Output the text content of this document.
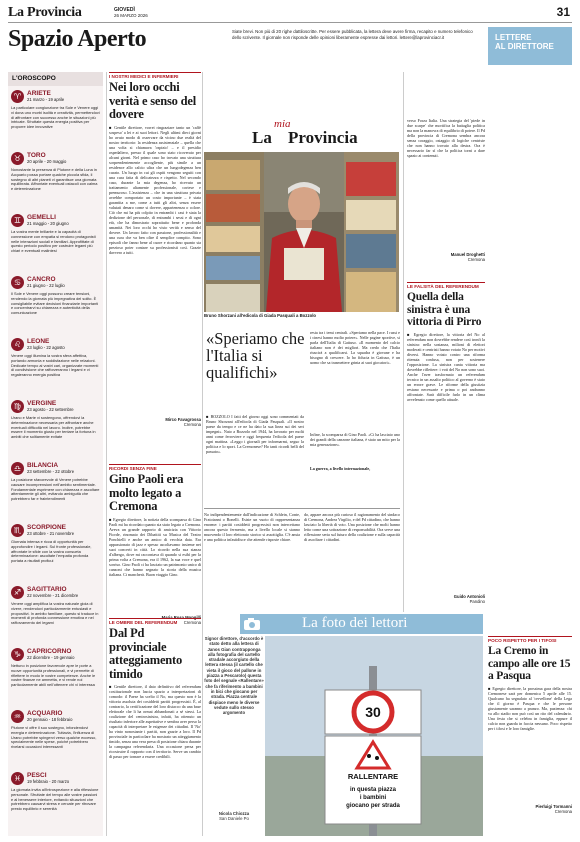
La Provincia	GIOVEDÌ
26 MARZO 2026	31
Spazio Aperto	Siate brevi. Non più di 20 righe dattiloscritte. Per essere pubblicata, la lettera deve avere firma, recapito e numero telefonico dello scrivente. Il giornale non risponde delle opinioni liberamente espresse dai lettori. lettere@laprovinciacr.it	LETTERE
AL DIRETTORE
L'OROSCOPO
♈ ARIETE
21 marzo - 19 aprile
La particolare congiunzione tra Sole e Venere oggi vi dona uno morbi isolità e creatività, permettendovi di affrontare con successo anche le situazioni più intricate. Sfruttate questa energia positiva per proporre idee innovative
♉ TORO
20 aprile - 20 maggio
Nonostante la presenza di Plutone e della Luna in Acquario possa portare qualche piccola sfida, il sostegno di altri pianeti vi garantisce una giornata equilibrata. Affrontate eventuali ostacoli con calma e determinazione
♊ GEMELLI
21 maggio - 20 giugno
La vostra mente brillante e la capacità di connessione con empatia si rendono protagonisti nelle interazioni sociali e familiari. Approfittate di questo periodo positivo per costruire legami più chiari e eventuali malintesi
♋ CANCRO
21 giugno - 22 luglio
Il Sole e Venere oggi possono creare tensioni, rendendo la giornata più impegnativa del solito. È consigliabile evitare decisioni finanziarie importanti e concentrarvi su chiarezza e autenticità della comunicazione
♌ LEONE
23 luglio - 22 agosto
Venere oggi illumina la vostra sfera affettiva, portando armonia e soddisfazione nelle relazioni. Dedicate tempo ai vostri cari, organizzate momenti di condivisione che rafforzeranno i legami e vi regaleranno energia positiva
♍ VERGINE
23 agosto - 22 settembre
Urano e Marte vi sostengono, offrendovi la determinazione necessaria per affrontare anche eventuali difficoltà nel lavoro. Inoltre, potrebbe essere il momento giusto per tentare la fortuna in ambiti che solitamente evitate
♎ BILANCIA
23 settembre - 22 ottobre
La posizione sfavorevole di Venere potrebbe causare incomprensioni nell'ambito sentimentale. Fondamentale esprimere con chiarezza e ascoltare attentamente gli altri, evitando ambiguità che potrebbero far e fraintendimenti
♏ SCORPIONE
23 ottobre - 21 novembre
Giornata intensa e ricca di opportunità per approfondire i legami. Sul fronte professionale, affrontate le sfide con la vostra consueta determinazione: ascoltate l'empatia profonda portata a risultati proficui
♐ SAGITTARIO
22 novembre - 21 dicembre
Venere oggi amplifica la vostra naturale gioia di vivere, rendendovi particolarmente entusiasti e propositivi. In ambito familiare, questo si traduce in momenti di profonda connessione emotiva e nel rafforzamento dei legami
♑ CAPRICORNO
22 dicembre - 19 gennaio
Nettuno in posizione favorevole apre le porte a nuove opportunità professionali, e vi permette di riflettere in modo le vostre competenze. Anche le vostre finanze ne ammetta, e vi rende noi particolarmente abili nell'ottenere chi vi interessa
♒ ACQUARIO
20 gennaio - 18 febbraio
Plutone vi offre il suo sostegno, infondendovi energia e determinazione. Tuttavia, l'influenza di Urano potrebbe spingervi verso qualche eccesso, specialmente nelle spese, poiché potrebbero rivelarsi occasioni interessanti
♓ PESCI
19 febbraio - 20 marzo
La giornata invita all'introspezione e alla riflessione personale. Sfruttate del tempo alle vostre passioni e al benessere interiore, evitando situazioni che potrebbero causarvi stress e cercate per ritrovare presto equilibrio e serenità
I NOSTRI MEDICI E INFERMIERI
Nei loro occhi verità e senso del dovere
■ Gentile direttore, vorrei ringraziare tanto un 'caffè sospeso' a lei e ai suoi lettori. Negli ultimi dieci giorni ho avuto modo di osservare da vicino due realtà del nostro territorio: la residenza assistenziale – quella che una volta si chiamava 'ospizio' – e il presidio ospedaliero, presso il quale sono stato ricoverato per alcuni giorni. Nel primo caso ho trovato una struttura sorprendentemente accogliente, più simile a un residence allo calcio ultra che un lungodegenza ben curato. Un luogo in cui gli ospiti vengono seguiti con una cura fatta di delicatezza e rispetto. Nel secondo caso, durante la mia degenza, ho ricevuto un trattamento altamente professionale, cortese e premuroso. L'assistenza – che in una struttura privata avrebbe comportato un costo importante – è stata garantita a me, come a tutti gli altri, senza essere valutati denaro come si dovere, appartenenza o colore. Ciò che mi ha più colpito in entrambi i casi è stata la dedizione del personale, di entrambi i sessi e di ogni età, che ha dimostrato soprattutto bene e profonda umanità. Nei loro occhi ho visto verità e senso del dovere. Un lavoro fatto con passione, professionalità e una cura che va ben oltre il semplice compito. Sono episodi che fanno bene al cuore e ricordano quanto sia prezioso poter contare su professionisti così. Grazie davvero a tutti.
Mirco Favagrossa
Cremona
RICORDI SENZA FINE
Gino Paoli era molto legato a Cremona
■ Egregio direttore, la notizia della scomparsa di Gino Paoli mi ha ricordato quanto sia stato legato a Cremona. Aveva un grande rapporto di amicizia con Vittorio Fiorde, rinomato dei Dibattiti su Musica del Teatro Ponchielli e anche un amico di vecchia data. Era appassionato di jazz e spesso ascoltavamo insieme nei suoi concerti in città. Lo ricordo nella sua stanza d'albergo, dove mi raccontava di quando si esibì per la prima volta a Cremona, era il 1962, la sua voce e quel sorriso. Gino Paoli ci ha lasciato un patrimonio unico di canzoni che hanno segnato la storia della musica italiana. Ci mancherà. Buon viaggio Gino.
Maria Rosa Mongilli
Cremona
LE OMBRE DEL REFERENDUM
Dal Pd provinciale atteggiamento timido
■ Gentile direttore, il dato definitivo del referendum costituzionale non lascia spazio a interpretazioni di comodo: il Paese ha scelto il No, ma questo non è la vittoria assoluta dei cosiddetti partiti progressisti. È, al contrario, la certificazione del loro distacco da una base elettorale che li ha ormai abbandonati a sé stessi. La coalizione del centrosinistra, infatti, ha ottenuto un risultato inferiore alle aspettative e sembra aver perso la capacità di interpretare le esigenze dei cittadini. Il 'No' ha vinto nonostante i partiti, non grazie a loro. Il Pd provinciale in particolare ha mostrato un atteggiamento timido, senza una vera presa di posizione chiara durante la campagna referendaria. Una occasione persa per ricostruire il rapporto con il territorio. Serve un cambio di passo per tornare a essere credibili.
La
mia
Provincia
Bruno Shorzani all'edicola di Giada Pasquali a Bozzolo
«Speriamo che l'Italia si qualifichi»
■ BOZZOLO I fatti del giorno oggi sono commentati da Bruno Shorzani all'edicola di Giada Pasquali. «Il nostro paese da tempo e ce ne ha dato la sua linea sui dei seri impegni». Nato a Bozzolo nel 1944, ha lavorato per molti anni come ferroviere e oggi frequenta l'edicola del paese ogni mattina. «Leggo i giornali per informarmi, seguo la politica e lo sport. La Cremonese? Ho tanti ricordi belli del passato».
resta tra i temi centrali. «Speriamo nella pace. I russi e i cinesi hanno molto potere». Nelle pagine sportive, si parla dell'Italia di Gattuso. «Il momento del calcio italiano non è dei migliori. Ma credo che l'Italia riuscirà a qualificarsi. La squadra è giovane e ha bisogno di crescere. Io ho fiducia in Gattuso, è un uomo che sa trasmettere grinta ai suoi giocatori».
Infine, la scomparsa di Gino Paoli. «Ci ha lasciato uno dei grandi della canzone italiana, è stato un mito per la mia generazione».
La guerra, a livello internazionale,
No indipendentemente dall'indicazione di Schlein, Conte, Fratoianni o Bonelli. Esiste un vuoto di rappresentanza enorme: i partiti cosiddetti progressisti non intercettano ancora questo fermento, ma a livello locale si stanno muovendo il loro elettorato storico si assottiglia. C'è ansia e una politica infastidisce che attende risposte chiare.
do, appare ancora più curioso il ragionamento del sindaco di Cremona, Andrea Virgilio, e del Pd cittadino, che hanno lasciato la libertà di voto. Una posizione che molti hanno letto come una sottrazione di responsabilità. Ora serve una riflessione seria sul futuro della coalizione e sulla capacità di ascoltare i cittadini.
La foto dei lettori
Signor direttore, d'accordo è stato detto alla lettera di Janos Gian contrapponga alla fotografia del cartello stradale accorgiuto della lettera stessa (il cartello che vieta il gioco del pallone in piazza a Pescarolo) questa foto del segnale «Rallentare» che fa riferimento a bambini in bici che giocano per strada. Piazza centrale dispiace meno le diverse vedute sullo stesso argomento
Nicola Chiozza
San Daniele Po
30
RALLENTARE
in questa piazza
i bambini
giocano per strada
verso Forza Italia. Una strategia del 'piede in due scarpe' che mortifica la battaglia politica ma non la manovra di equilibrio di potere. Il Pd della provincia di Cremona sembra ancora senza coraggio, ostaggio di logiche centriste che non hanno trovato alla destra. Ora è necessario far sì che la politica torni a dare spazio ai contenuti.
Manuel Droghetti
Cremona
LE FALSITÀ DEL REFERENDUM
Quella della sinistra è una vittoria di Pirro
■ Egregio direttore, la vittoria del No al referendum non dovrebbe rendere così tronfi la sinistra: nella sostanza, milioni di elettori moderati e centristi hanno votato No per motivi diversi. Hanno votato contro una riforma ritenuta confusa, non per sostenere l'opposizione. La sinistra canta vittoria ma dovrebbe riflettere: i voti del No non sono suoi. Anche l'aver trasformato un referendum tecnico in un assalto politico al governo è stato un errore grave. Le riforme della giustizia restano necessarie e prima o poi andranno affrontate. Sarà difficile farlo in un clima avvelenato come quello attuale.
Guido Antonioli
Pandino
POCO RISPETTO PER I TIFOSI
La Cremo in campo alle ore 15 a Pasqua
■ Egregio direttore, la prossima gara della nostra Cremonese sarà per domenica 5 aprile alle 15. Qualcuno ha segnalato al 'cervellone' della Lega che il giorno è Pasqua e che le persone giustamente saranno a pranzo. Ma, pazienza: chi va allo stadio non può così un rito del calendario. Una festa che si celebra in famiglia, eppure il calcio non guarda in faccia nessuno. Poco rispetto per i tifosi e le loro famiglie.
Pierluigi Tormanni
Cremona
